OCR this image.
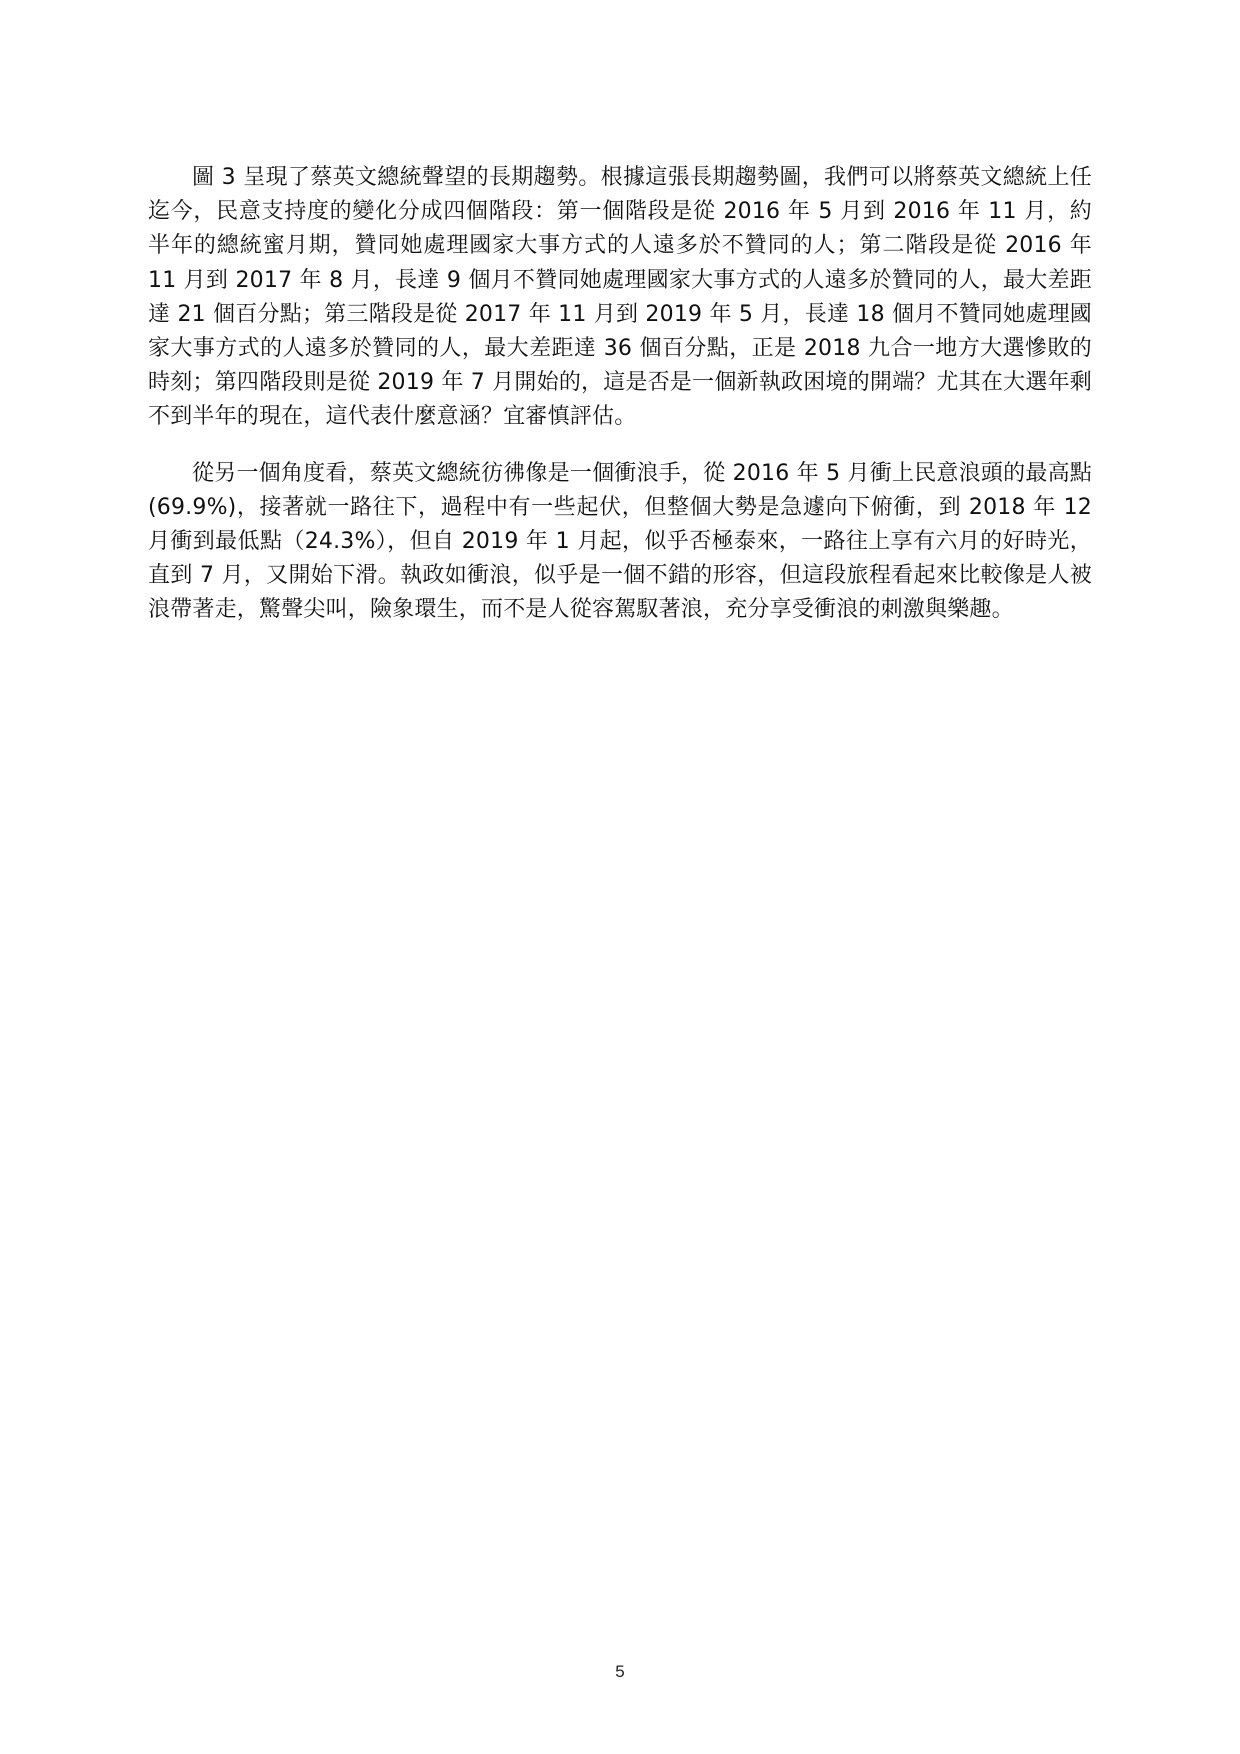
圖 3 呈現了蔡英文總統聲望的長期趨勢。根據這張長期趨勢圖，我們可以將蔡英文總統上任迄今，民意支持度的變化分成四個階段：第一個階段是從 2016 年 5 月到 2016 年 11 月，約半年的總統蜜月期，贊同她處理國家大事方式的人遠多於不贊同的人；第二階段是從 2016 年 11 月到 2017 年 8 月，長達 9 個月不贊同她處理國家大事方式的人遠多於贊同的人，最大差距達 21 個百分點；第三階段是從 2017 年 11 月到 2019 年 5 月，長達 18 個月不贊同她處理國家大事方式的人遠多於贊同的人，最大差距達 36 個百分點，正是 2018 九合一地方大選慘敗的時刻；第四階段則是從 2019 年 7 月開始的，這是否是一個新執政困境的開端？尤其在大選年剩不到半年的現在，這代表什麼意涵？宜審慎評估。

從另一個角度看，蔡英文總統彷彿像是一個衝浪手，從 2016 年 5 月衝上民意浪頭的最高點(69.9%)，接著就一路往下，過程中有一些起伏，但整個大勢是急遽向下俯衝，到 2018 年 12 月衝到最低點（24.3%），但自 2019 年 1 月起，似乎否極泰來，一路往上享有六月的好時光，直到 7 月，又開始下滑。執政如衝浪，似乎是一個不錯的形容，但這段旅程看起來比較像是人被浪帶著走，驚聲尖叫，險象環生，而不是人從容駕馭著浪，充分享受衝浪的刺激與樂趣。

5
